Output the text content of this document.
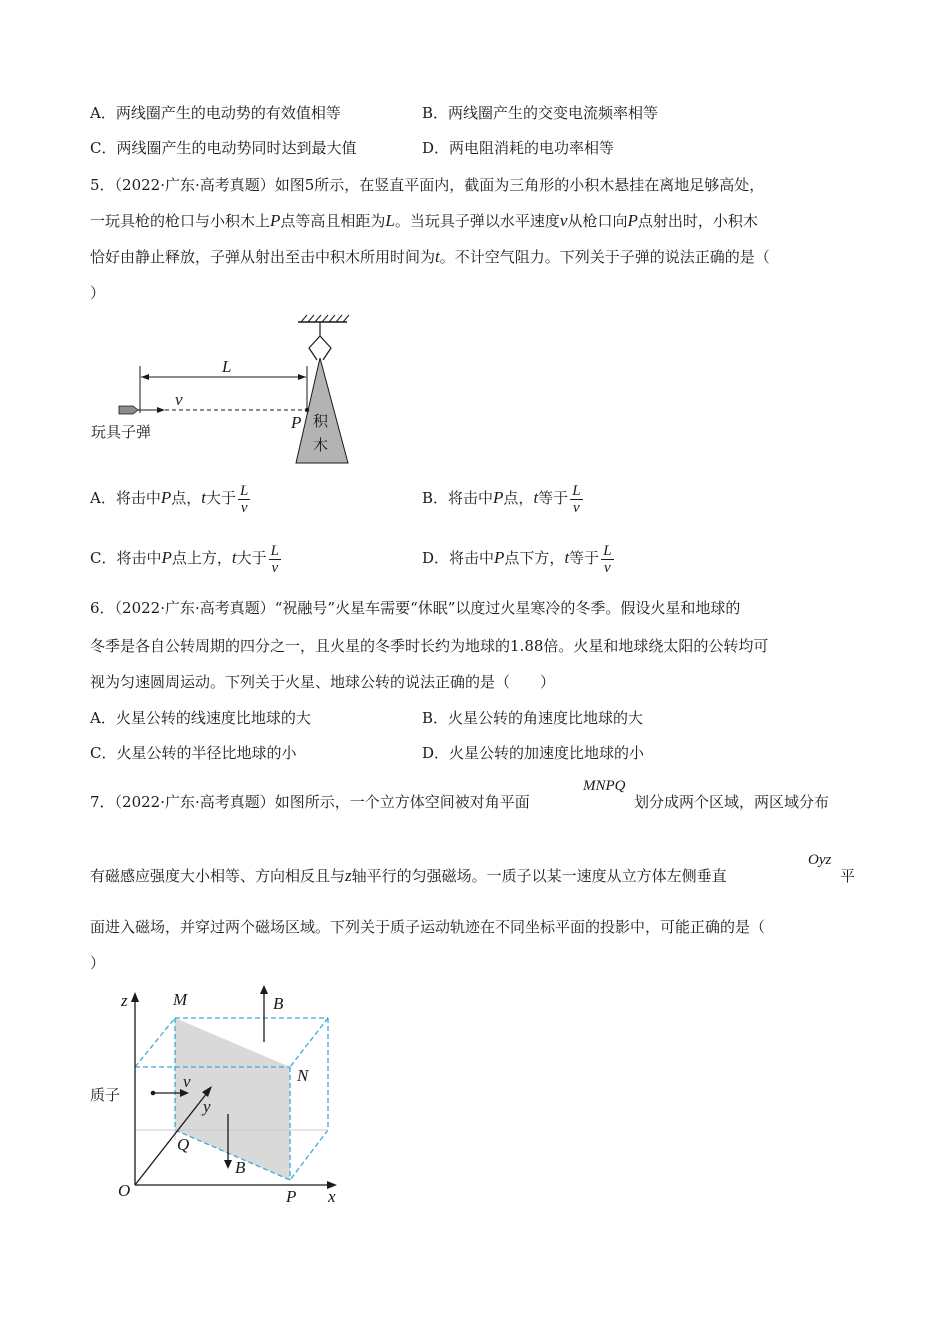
A．两线圈产生的电动势的有效值相等	B．两线圈产生的交变电流频率相等
C．两线圈产生的电动势同时达到最大值	D．两电阻消耗的电功率相等
5．（2022·广东·高考真题）如图5所示，在竖直平面内，截面为三角形的小积木悬挂在离地足够高处，
一玩具枪的枪口与小积木上P点等高且相距为L。当玩具子弹以水平速度v从枪口向P点射出时，小积木
恰好由静止释放，子弹从射出至击中积木所用时间为t。不计空气阻力。下列关于子弹的说法正确的是（
）
积
木
L
v
P
玩具子弹
A．将击中P点，t大于 $\frac{L}{v}$	B．将击中P点，t等于 $\frac{L}{v}$
C．将击中P点上方，t大于 $\frac{L}{v}$	D．将击中P点下方，t等于 $\frac{L}{v}$
6．（2022·广东·高考真题）“祝融号”火星车需要“休眠”以度过火星寒冷的冬季。假设火星和地球的
冬季是各自公转周期的四分之一，且火星的冬季时长约为地球的1.88倍。火星和地球绕太阳的公转均可
视为匀速圆周运动。下列关于火星、地球公转的说法正确的是（　　）
A．火星公转的线速度比地球的大	B．火星公转的角速度比地球的大
C．火星公转的半径比地球的小	D．火星公转的加速度比地球的小
7．（2022·广东·高考真题）如图所示，一个立方体空间被对角平面
MNPQ
划分成两个区域，两区域分布
有磁感应强度大小相等、方向相反且与z轴平行的匀强磁场。一质子以某一速度从立方体左侧垂直
Oyz
平
面进入磁场，并穿过两个磁场区域。下列关于质子运动轨迹在不同坐标平面的投影中，可能正确的是（
）
z	M	B
N
质子
v
y
Q
B
O	P x
